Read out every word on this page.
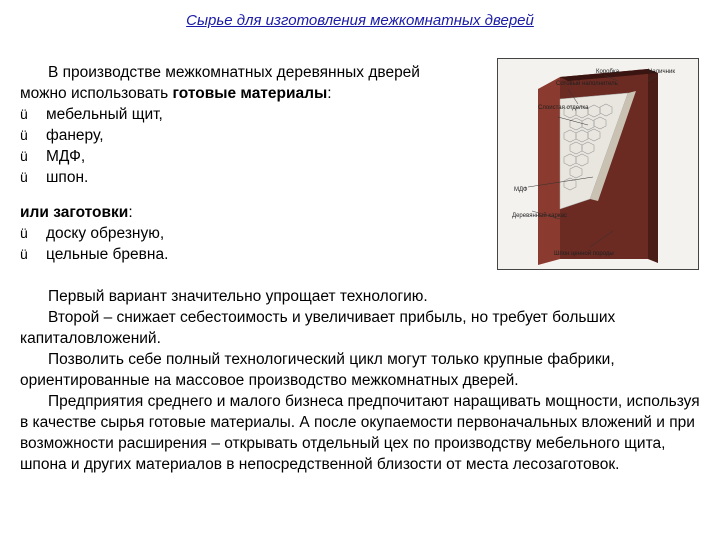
Сырье для изготовления межкомнатных дверей

В производстве межкомнатных деревянных дверей

можно использовать готовые материалы:

ü	мебельный щит,
ü	фанеру,
ü	МДФ,
ü	шпон.

или заготовки:

ü	доску обрезную,
ü	цельные бревна.
Коробка	Наличник
Сотовый наполнитель
Слоистая отделка
МДФ
Деревянный каркас
Шпон ценной породы

Первый вариант значительно упрощает технологию.

Второй – снижает себестоимость и увеличивает прибыль, но требует больших капиталовложений.

Позволить себе полный технологический цикл могут только крупные фабрики, ориентированные на массовое производство межкомнатных дверей.

Предприятия среднего и малого бизнеса предпочитают наращивать мощности, используя в качестве сырья готовые материалы. А после окупаемости первоначальных вложений и при возможности расширения – открывать отдельный цех по производству мебельного щита, шпона и других материалов в непосредственной близости от места лесозаготовок.
